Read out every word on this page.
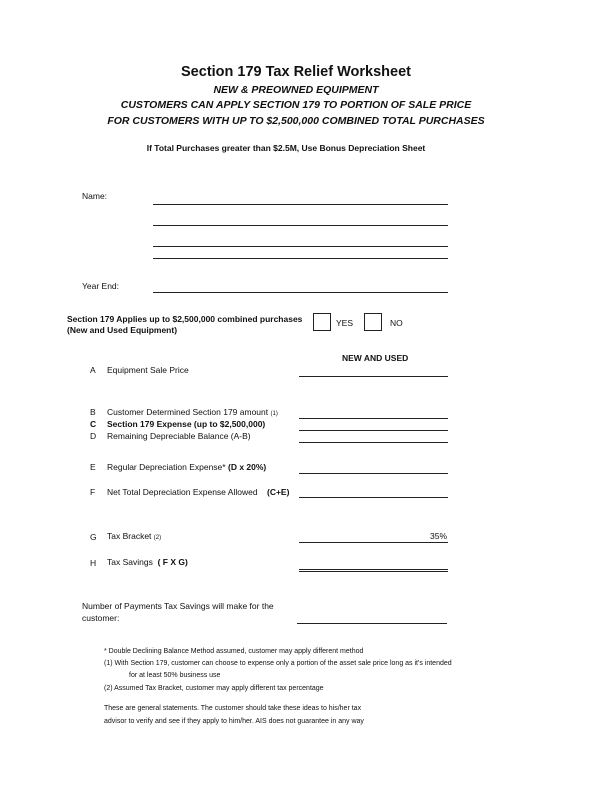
Section 179 Tax Relief Worksheet
NEW & PREOWNED EQUIPMENT
CUSTOMERS CAN APPLY SECTION 179 TO PORTION OF SALE PRICE
FOR CUSTOMERS WITH UP TO $2,500,000 COMBINED TOTAL PURCHASES
If Total Purchases greater than $2.5M, Use Bonus Depreciation Sheet
Name:
Year End:
Section 179 Applies up to $2,500,000 combined purchases
(New and Used Equipment)
YES	NO
NEW AND USED
A Equipment Sale Price
B Customer Determined Section 179 amount (1)
C Section 179 Expense (up to $2,500,000)
D Remaining Depreciable Balance (A-B)
E Regular Depreciation Expense* (D x 20%)
F Net Total Depreciation Expense Allowed (C+E)
G Tax Bracket (2)	35%
H Tax Savings ( F X G)
Number of Payments Tax Savings will make for the
customer:
* Double Declining Balance Method assumed, customer may apply different method
(1) With Section 179, customer can choose to expense only a portion of the asset sale price long as it's intended
for at least 50% business use
(2) Assumed Tax Bracket, customer may apply different tax percentage
These are general statements. The customer should take these ideas to his/her tax
advisor to verify and see if they apply to him/her. AIS does not guarantee in any way
